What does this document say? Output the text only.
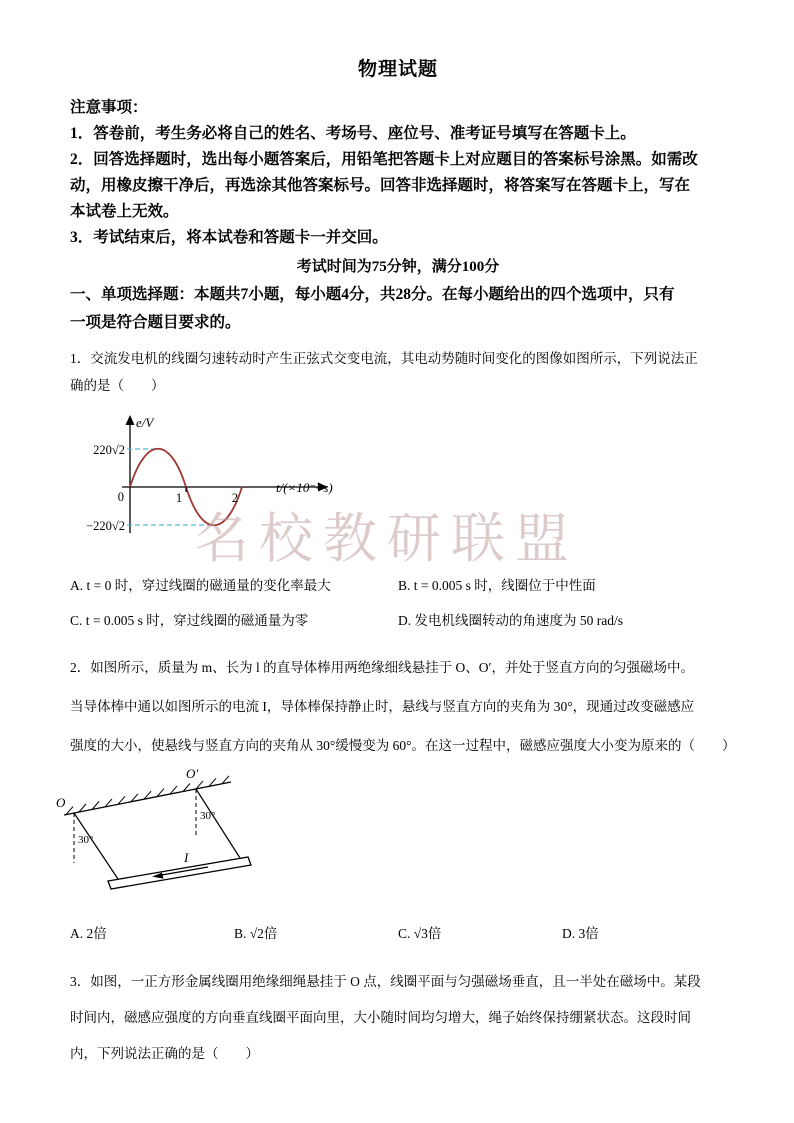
物理试题
注意事项：
1．答卷前，考生务必将自己的姓名、考场号、座位号、准考证号填写在答题卡上。
2．回答选择题时，选出每小题答案后，用铅笔把答题卡上对应题目的答案标号涂黑。如需改
动，用橡皮擦干净后，再选涂其他答案标号。回答非选择题时，将答案写在答题卡上，写在
本试卷上无效。
3．考试结束后，将本试卷和答题卡一并交回。
考试时间为75分钟，满分100分
一、单项选择题：本题共7小题，每小题4分，共28分。在每小题给出的四个选项中，只有
一项是符合题目要求的。
1．交流发电机的线圈匀速转动时产生正弦式交变电流，其电动势随时间变化的图像如图所示，下列说法正
确的是（　　）
e/V
220√2
0	1	2
t/(×10⁻² s)
−220√2
A. t = 0 时，穿过线圈的磁通量的变化率最大	B. t = 0.005 s 时，线圈位于中性面
C. t = 0.005 s 时，穿过线圈的磁通量为零	D. 发电机线圈转动的角速度为 50 rad/s
2．如图所示，质量为 m、长为 l 的直导体棒用两绝缘细线悬挂于 O、O′，并处于竖直方向的匀强磁场中。
当导体棒中通以如图所示的电流 I，导体棒保持静止时，悬线与竖直方向的夹角为 30°，现通过改变磁感应
强度的大小，使悬线与竖直方向的夹角从 30°缓慢变为 60°。在这一过程中，磁感应强度大小变为原来的（　　）
O
O′
30°
30°
I
A. 2倍	B. √2倍	C. √3倍	D. 3倍
3．如图，一正方形金属线圈用绝缘细绳悬挂于 O 点，线圈平面与匀强磁场垂直，且一半处在磁场中。某段
时间内，磁感应强度的方向垂直线圈平面向里，大小随时间均匀增大，绳子始终保持绷紧状态。这段时间
内，下列说法正确的是（　　）
名校教研联盟
